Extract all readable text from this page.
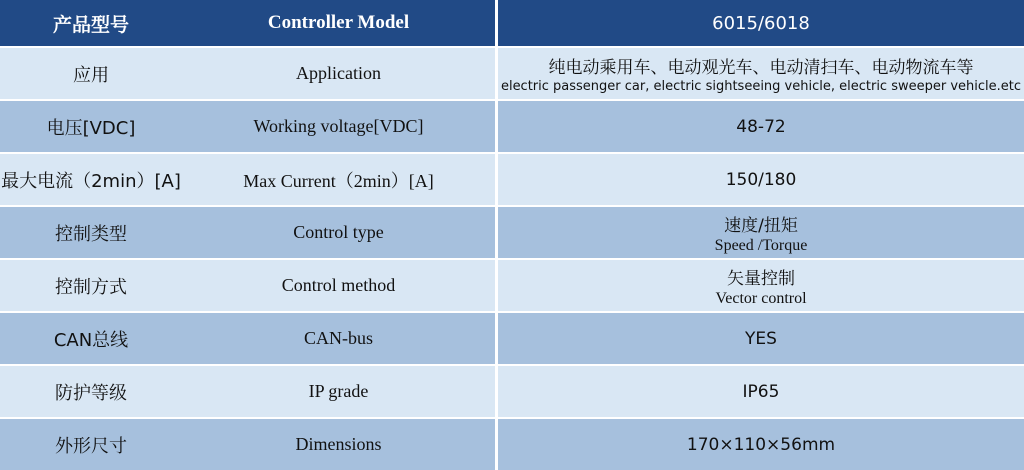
产品型号	Controller Model	6015/6018
应用	Application	纯电动乘用车、电动观光车、电动清扫车、电动物流车等
electric passenger car, electric sightseeing vehicle, electric sweeper vehicle.etc
电压[VDC]	Working voltage[VDC]	48-72
最大电流（2min）[A]	Max Current（2min）[A]	150/180
控制类型	Control type	速度/扭矩
Speed /Torque
控制方式	Control method	矢量控制
Vector control
CAN总线	CAN-bus	YES
防护等级	IP grade	IP65
外形尺寸	Dimensions	170×110×56mm
